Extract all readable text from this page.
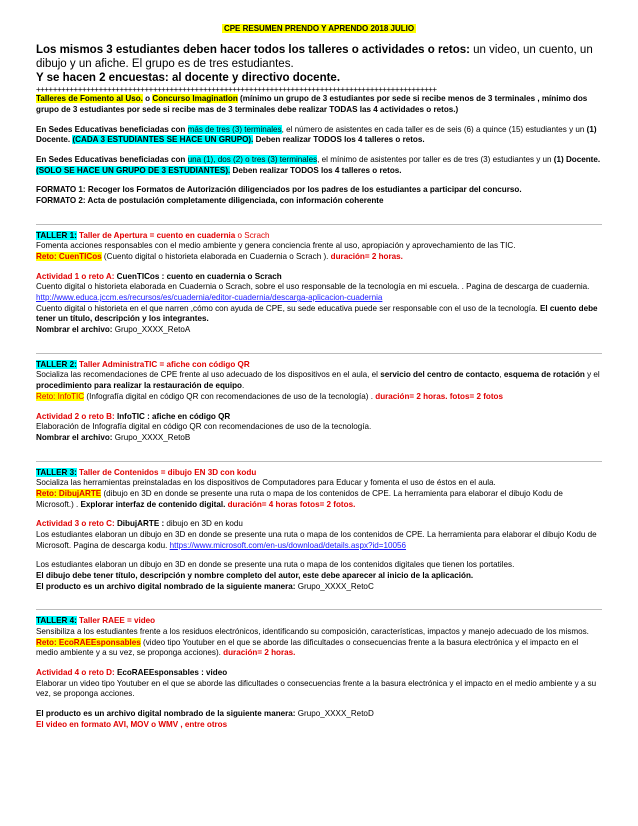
CPE RESUMEN PRENDO Y APRENDO 2018 JULIO
Los mismos 3 estudiantes deben hacer todos los talleres o actividades o retos: un video, un cuento, un dibujo y un afiche. El grupo es de tres estudiantes.
Y se hacen 2 encuestas: al docente y directivo docente.
++++++++++++++++++++++++++++++++++++++++++++++++++++++++++++++++++++++++++++++++++++++++++++++++

Talleres de Fomento al Uso. o Concurso Imaginatlon (mínimo un grupo de 3 estudiantes por sede si recibe menos de 3 terminales , mínimo dos grupo de 3 estudiantes por sede si recibe mas de 3 terminales debe realizar TODAS las 4 actividades o retos.)

En Sedes Educativas beneficiadas con más de tres (3) terminales, el número de asistentes en cada taller es de seis (6) a quince (15) estudiantes y un (1) Docente. (CADA 3 ESTUDIANTES SE HACE UN GRUPO). Deben realizar TODOS los 4 talleres o retos.

En Sedes Educativas beneficiadas con una (1), dos (2) o tres (3) terminales, el mínimo de asistentes por taller es de tres (3) estudiantes y un (1) Docente. (SOLO SE HACE UN GRUPO DE 3 ESTUDIANTES). Deben realizar TODOS los 4 talleres o retos.

FORMATO 1: Recoger los Formatos de Autorización diligenciados por los padres de los estudiantes a participar del concurso.

FORMATO 2: Acta de postulación completamente diligenciada, con información coherente

TALLER 1: Taller de Apertura = cuento en cuadernia o Scrach

Fomenta acciones responsables con el medio ambiente y genera conciencia frente al uso, apropiación y aprovechamiento de las TIC.

Reto: CuenTICos (Cuento digital o historieta elaborada en Cuadernia o Scrach ). duración= 2 horas.

Actividad 1 o reto A: CuenTICos : cuento en cuadernia o Scrach

Cuento digital o historieta elaborada en Cuadernia o Scrach, sobre el uso responsable de la tecnología en mi escuela. . Pagina de descarga de cuadernia. http://www.educa.jccm.es/recursos/es/cuadernia/editor-cuadernia/descarga-aplicacion-cuadernia

Cuento digital o historieta en el que narren ,cómo con ayuda de CPE, su sede educativa puede ser responsable con el uso de la tecnología. El cuento debe tener un título, descripción y los integrantes.

Nombrar el archivo: Grupo_XXXX_RetoA

TALLER 2: Taller AdministraTIC = afiche con código QR

Socializa las recomendaciones de CPE frente al uso adecuado de los dispositivos en el aula, el servicio del centro de contacto, esquema de rotación y el procedimiento para realizar la restauración de equipo.

Reto: InfoTIC (Infografía digital en código QR con recomendaciones de uso de la tecnología) . duración= 2 horas. fotos= 2 fotos

Actividad 2 o reto B: InfoTIC : afiche en código QR

Elaboración de Infografía digital en código QR con recomendaciones de uso de la tecnología.

Nombrar el archivo: Grupo_XXXX_RetoB

TALLER 3: Taller de Contenidos = dibujo EN 3D con kodu

Socializa las herramientas preinstaladas en los dispositivos de Computadores para Educar y fomenta el uso de éstos en el aula.

Reto: DibujARTE (dibujo en 3D en donde se presente una ruta o mapa de los contenidos de CPE. La herramienta para elaborar el dibujo Kodu de Microsoft.) . Explorar interfaz de contenido digital. duración= 4 horas fotos= 2 fotos.

Actividad 3 o reto C: DibujARTE : dibujo en 3D en kodu

Los estudiantes elaboran un dibujo en 3D en donde se presente una ruta o mapa de los contenidos de CPE. La herramienta para elaborar el dibujo Kodu de Microsoft. Pagina de descarga kodu. https://www.microsoft.com/en-us/download/details.aspx?id=10056

Los estudiantes elaboran un dibujo en 3D en donde se presente una ruta o mapa de los contenidos digitales que tienen los portatiles.

El dibujo debe tener título, descripción y nombre completo del autor, este debe aparecer al inicio de la aplicación.

El producto es un archivo digital nombrado de la siguiente manera: Grupo_XXXX_RetoC

TALLER 4: Taller RAEE = video

Sensibiliza a los estudiantes frente a los residuos electrónicos, identificando su composición, características, impactos y manejo adecuado de los mismos.

Reto: EcoRAEEsponsables (video tipo Youtuber en el que se aborde las dificultades o consecuencias frente a la basura electrónica y el impacto en el medio ambiente y a su vez, se proponga acciones). duración= 2 horas.

Actividad 4 o reto D: EcoRAEEsponsables : video

Elaborar un video tipo Youtuber en el que se aborde las dificultades o consecuencias frente a la basura electrónica y el impacto en el medio ambiente y a su vez, se proponga acciones.

El producto es un archivo digital nombrado de la siguiente manera: Grupo_XXXX_RetoD

El video en formato AVI, MOV o WMV , entre otros
